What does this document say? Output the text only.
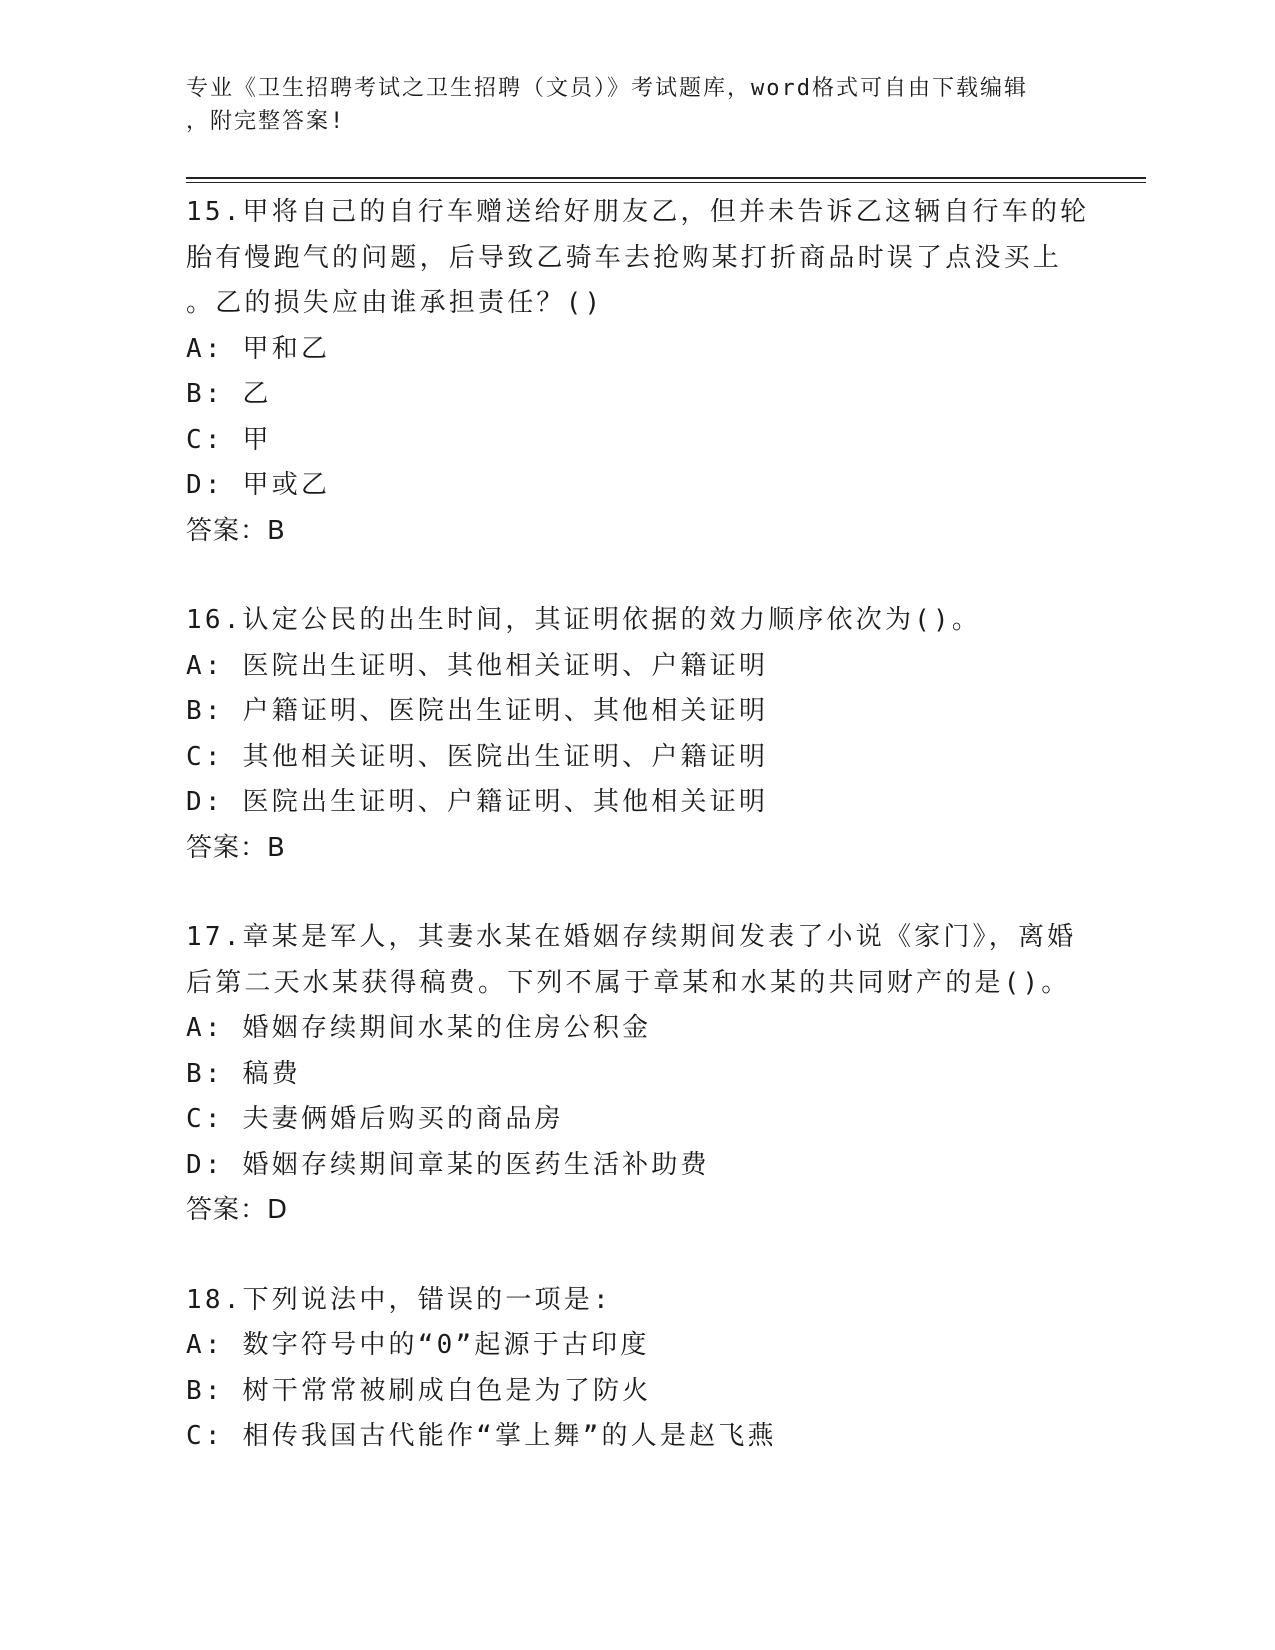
专业《卫生招聘考试之卫生招聘（文员）》考试题库，word格式可自由下载编辑
，附完整答案!
15.甲将自己的自行车赠送给好朋友乙，但并未告诉乙这辆自行车的轮
胎有慢跑气的问题，后导致乙骑车去抢购某打折商品时误了点没买上
。乙的损失应由谁承担责任？()
A: 甲和乙
B: 乙
C: 甲
D: 甲或乙
答案：B
16.认定公民的出生时间，其证明依据的效力顺序依次为()。
A: 医院出生证明、其他相关证明、户籍证明
B: 户籍证明、医院出生证明、其他相关证明
C: 其他相关证明、医院出生证明、户籍证明
D: 医院出生证明、户籍证明、其他相关证明
答案：B
17.章某是军人，其妻水某在婚姻存续期间发表了小说《家门》，离婚
后第二天水某获得稿费。下列不属于章某和水某的共同财产的是()。
A: 婚姻存续期间水某的住房公积金
B: 稿费
C: 夫妻俩婚后购买的商品房
D: 婚姻存续期间章某的医药生活补助费
答案：D
18.下列说法中，错误的一项是:
A: 数字符号中的“0”起源于古印度
B: 树干常常被刷成白色是为了防火
C: 相传我国古代能作“掌上舞”的人是赵飞燕
